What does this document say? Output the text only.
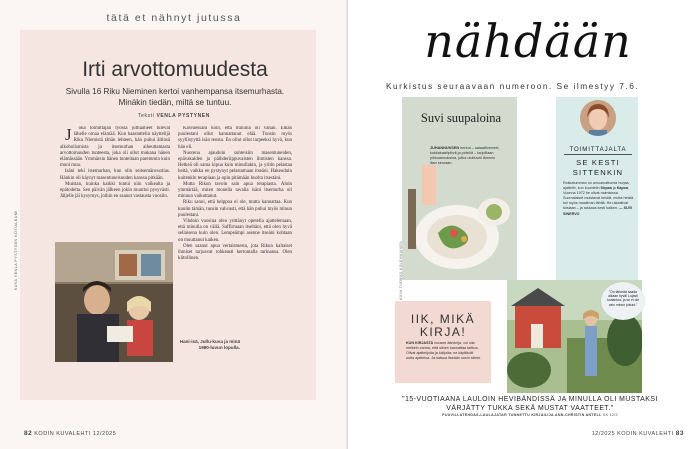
tätä et nähnyt jutussa
Irti arvottomuudesta
Sivulla 16 Riku Nieminen kertoi vanhempansa itsemurhasta. Minäkin tiedän, miltä se tuntuu.
Teksti VENLA PYSTYNEN

J oka toimittajan työssä juttuaiheet tulevat lähelle omaa elämää. Kun haastattelin näyttelijä Riku Niemistä tähän lehteen, hän puhui äitinsä alkoholismista ja itsemurhan aiheuttamasta arvottomuuden tunteesta, joka oli ollut mukana hänen elämässään. Ymmärsin hänen tunteitaan paremmin kuin moni muu.

Isäni teki itsemurhan, kun olin seitsemänvuotias. Hänkin oli käynyt masentuneisuuden kanssa pitkään.

Muistan, kuinka kaikki tuntui niin vaikealta ja epätodelta. Sen päivän jälkeen jokin muuttui pysyvästi. Jäljelle jäi kysymys, joihin en saanut vastausta vuosiin.

Kasvaessani koin, että minulla oli vähän. Eihän puolestani ollut kannattanut elää. Tunsin myös syyllisyyttä isän teosta. En ollut ollut tarpeeksi hyvä, kun hän eli.

Nuorena ajauduin suhteisiin masentuneiden, epävakaiden ja päihderiippuvaisten ihmisten kanssa. Hetkeä oli sama kipua kuin minullakin, ja yritin pelastaa heitä, vaikka en pystynyt pelastamaan itseäni. Hakeuduin kuitenkin terapiaan ja opin pitämään huolta itsestäni.

Mutta Rikun tavoin sain apua terapiasta. Aloin ymmärtää, miten monella tavalla isäni itsemurha oli minuun vaikuttanut.

Riku sanoi, että helppoa ei ole, mutta kannattaa. Kun kuulin tämän, tunsin vahvasti, että hän puhui myös minun puolestani.

Vihdoin vuosina olen yrittänyt opetella ajattelemaan, että minulla on väliä. Saffirmaan itseltäni, että olen hyvä sellaisena kuin olen. Lempeämpi asenne itseäni kohtaan on muuttanut kaiken.

Olen saanut apua vertaistuesta, jota Rikun kaltaiset ihmiset tarjoavat rohkeasti kertomalla tarinansa. Olen kiitollinen.

Hani-isä, Jullu-kuva ja minä 1980-luvun lopulla.
KUVA VENLA PYSTYSEN KOTIALBUMI
82 KODIN KUVALEHTI 12/2025
nähdään
Kurkistus seuraavaan numeroon. Se ilmestyy 7.6.
Suvi suupaloina
JUHANNUKSEN herkut – salaattiveneet, kukkakaalipihvit ja pirtelöt – tarjoillaan pikkuannoksina, jotka ulottuvat lämmin illan seuraan.
KUVA TUOMAS KOLEHMAINEN
TOIMITTAJALTA
SE KESTI SITTENKIN
Rokkatumman on arvoamattomia hurjaa, ajattelin, kun kuuntelin Sirpaa ja Kapoa. Vuonna 1972 he olivat naimisissa. Suomalaiset muistavat heidät, mutta heistä tuli myös maailman tähtiä. He rakastivat toisiaan – ja rakkaus kesti kaiken. — SUVI SINERVO
IIK, MIKÄ KIRJA!
KUN KIRJASTA nousee äänikirja, voi olla melkein varma, että siihen kannattaa tarttua. Olivat ajattelijoita ja lukijoita; ne käyttävät uutta ajattelua. Ja katsoa itseään uusin silmin.
"On tärkeää saada aikaan hyvä! Lujasti tuotantoa, ja se ei ole vain minun juttuni."
"15-VUOTIAANA LAULOIN HEVIBÄNDISSÄ JA MINULLA OLI MUSTAKSI VÄRJÄTTY TUKKA SEKÄ MUSTAT VAATTEET."
PUUVILLATEHDAS-LAULAJATAR TUNNETTU KIRJAILIJA ANN-CHRISTIN ANTELL KK 12/2
12/2025 KODIN KUVALEHTI 83
